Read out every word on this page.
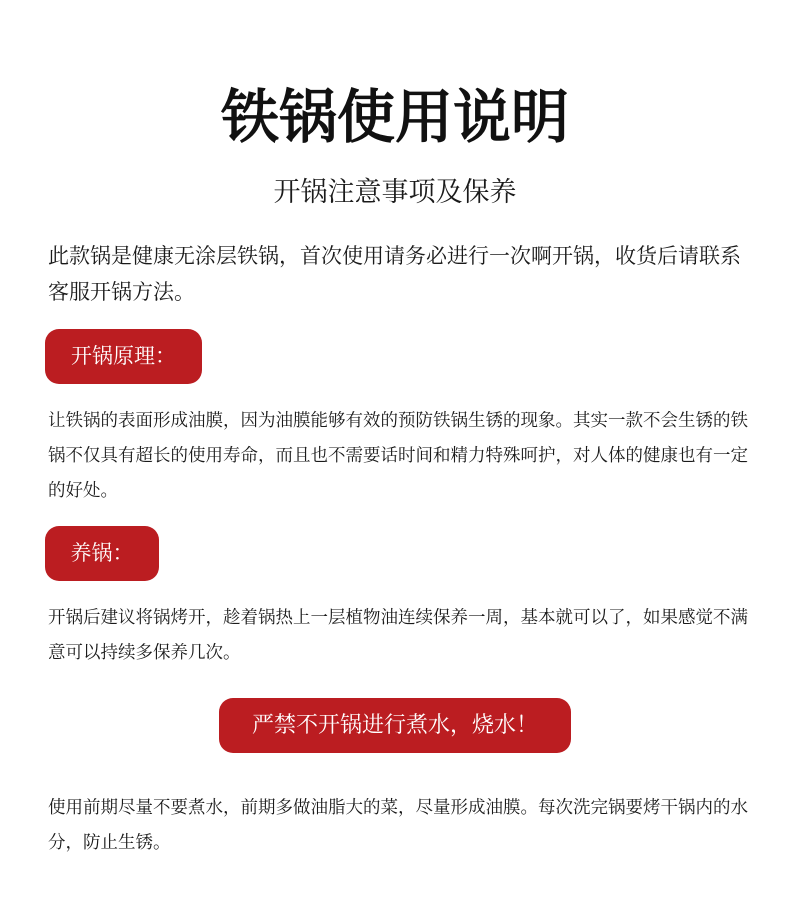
铁锅使用说明
开锅注意事项及保养

此款锅是健康无涂层铁锅，首次使用请务必进行一次啊开锅，收货后请联系客服开锅方法。

开锅原理：

让铁锅的表面形成油膜，因为油膜能够有效的预防铁锅生锈的现象。其实一款不会生锈的铁锅不仅具有超长的使用寿命，而且也不需要话时间和精力特殊呵护，对人体的健康也有一定的好处。

养锅：

开锅后建议将锅烤开，趁着锅热上一层植物油连续保养一周，基本就可以了，如果感觉不满意可以持续多保养几次。

严禁不开锅进行煮水，烧水！

使用前期尽量不要煮水，前期多做油脂大的菜，尽量形成油膜。每次洗完锅要烤干锅内的水分，防止生锈。
